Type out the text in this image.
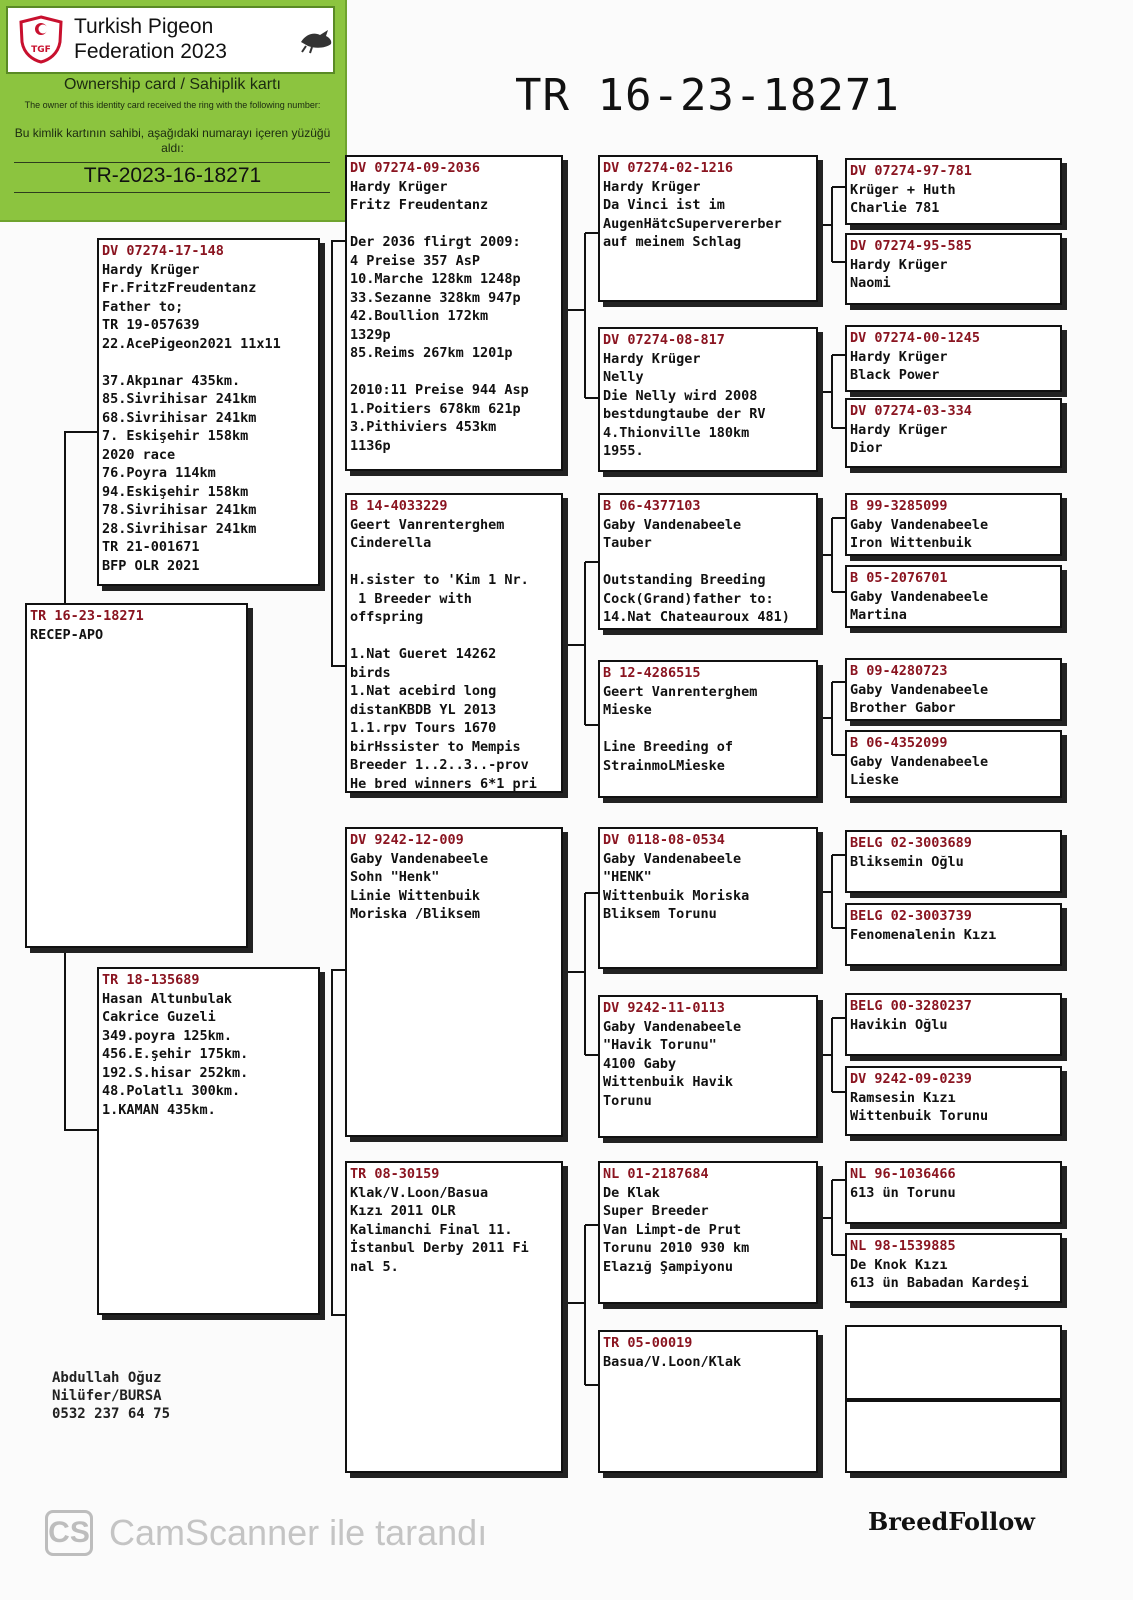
TGF
Turkish Pigeon
Federation 2023
Ownership card / Sahiplik kartı
The owner of this identity card received the ring with the following number:
Bu kimlik kartının sahibi, aşağıdaki numarayı içeren yüzüğü aldı:
TR-2023-16-18271
TR 16-23-18271
TR 16-23-18271
RECEP-APO
DV 07274-17-148
Hardy Krüger
Fr.FritzFreudentanz
Father to;
TR 19-057639
22.AcePigeon2021 11x11

37.Akpınar 435km.
85.Sivrihisar 241km
68.Sivrihisar 241km
7. Eskişehir 158km
2020 race
76.Poyra 114km
94.Eskişehir 158km
78.Sivrihisar 241km
28.Sivrihisar 241km
TR 21-001671
BFP OLR 2021
TR 18-135689
Hasan Altunbulak
Cakrice Guzeli
349.poyra 125km.
456.E.şehir 175km.
192.S.hisar 252km.
48.Polatlı 300km.
1.KAMAN 435km.
DV 07274-09-2036
Hardy Krüger
Fritz Freudentanz

Der 2036 flirgt 2009:
4 Preise 357 AsP
10.Marche 128km 1248p
33.Sezanne 328km 947p
42.Boullion 172km
1329p
85.Reims 267km 1201p

2010:11 Preise 944 Asp
1.Poitiers 678km 621p
3.Pithiviers 453km
1136p
B 14-4033229
Geert Vanrenterghem
Cinderella

H.sister to 'Kim 1 Nr.
1 Breeder with
offspring

1.Nat Gueret 14262
birds
1.Nat acebird long
distanKBDB YL 2013
1.1.rpv Tours 1670
birHssister to Mempis
Breeder 1..2..3..-prov
He bred winners 6*1 pri
DV 9242-12-009
Gaby Vandenabeele
Sohn "Henk"
Linie Wittenbuik
Moriska /Bliksem
TR 08-30159
Klak/V.Loon/Basua
Kızı 2011 OLR
Kalimanchi Final 11.
İstanbul Derby 2011 Fi
nal 5.
DV 07274-02-1216
Hardy Krüger
Da Vinci ist im
AugenHätcSupervererber
auf meinem Schlag
DV 07274-08-817
Hardy Krüger
Nelly
Die Nelly wird 2008
bestdungtaube der RV
4.Thionville 180km
1955.
B 06-4377103
Gaby Vandenabeele
Tauber

Outstanding Breeding
Cock(Grand)father to:
14.Nat Chateauroux 481)
B 12-4286515
Geert Vanrenterghem
Mieske

Line Breeding of
StrainmoLMieske
DV 0118-08-0534
Gaby Vandenabeele
"HENK"
Wittenbuik Moriska
Bliksem Torunu
DV 9242-11-0113
Gaby Vandenabeele
"Havik Torunu"
4100 Gaby
Wittenbuik Havik
Torunu
NL 01-2187684
De Klak
Super Breeder
Van Limpt-de Prut
Torunu 2010 930 km
Elazığ Şampiyonu
TR 05-00019
Basua/V.Loon/Klak
DV 07274-97-781
Krüger + Huth
Charlie 781
DV 07274-95-585
Hardy Krüger
Naomi
DV 07274-00-1245
Hardy Krüger
Black Power
DV 07274-03-334
Hardy Krüger
Dior
B 99-3285099
Gaby Vandenabeele
Iron Wittenbuik
B 05-2076701
Gaby Vandenabeele
Martina
B 09-4280723
Gaby Vandenabeele
Brother Gabor
B 06-4352099
Gaby Vandenabeele
Lieske
BELG 02-3003689
Bliksemin Oğlu
BELG 02-3003739
Fenomenalenin Kızı
BELG 00-3280237
Havikin Oğlu
DV 9242-09-0239
Ramsesin Kızı
Wittenbuik Torunu
NL 96-1036466
613 ün Torunu
NL 98-1539885
De Knok Kızı
613 ün Babadan Kardeşi
Abdullah Oğuz
Nilüfer/BURSA
0532 237 64 75
CS CamScanner ile tarandı	BreedFollow
